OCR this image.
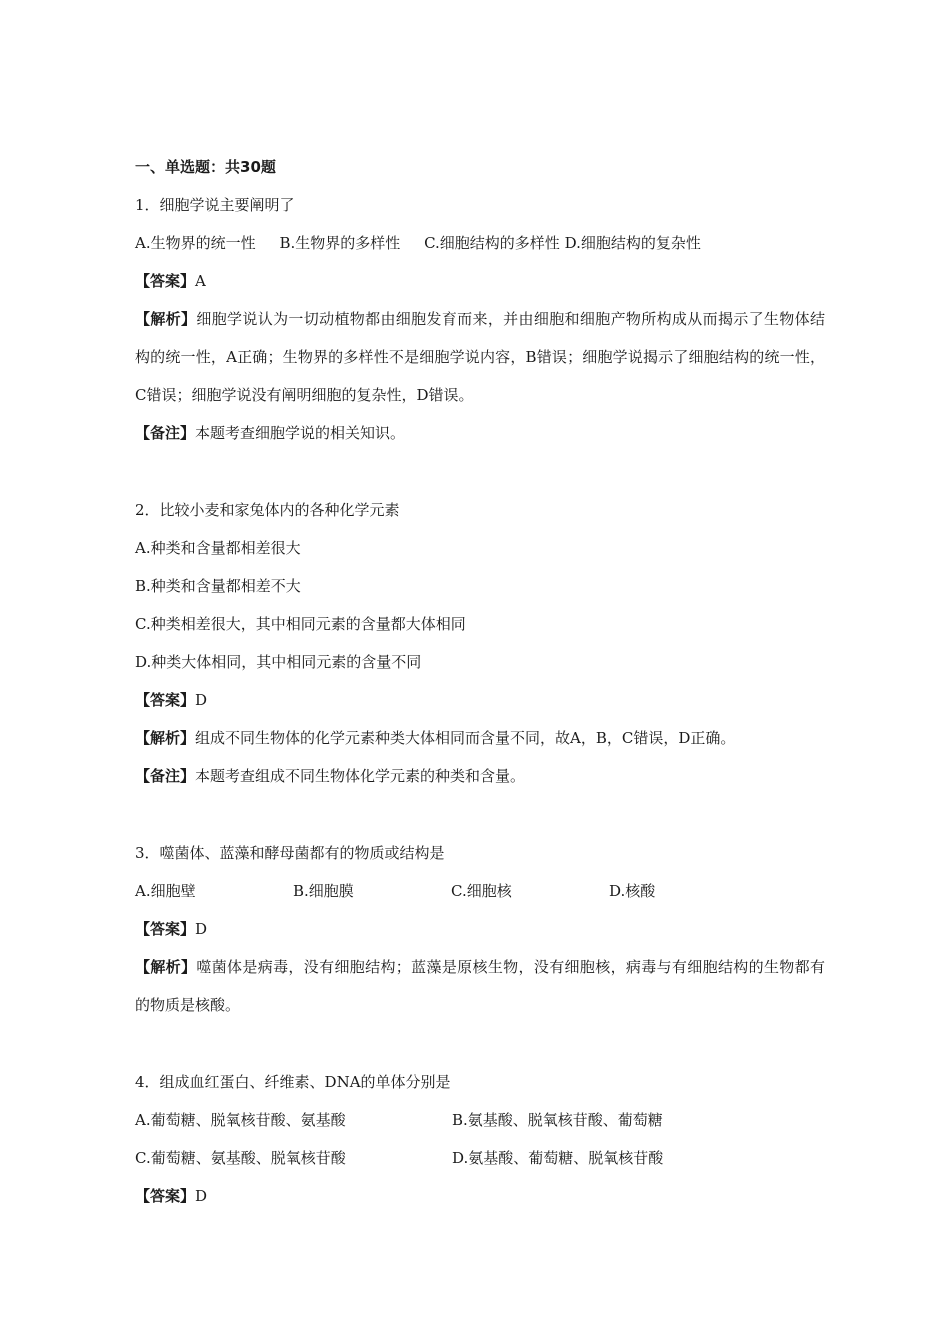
一、单选题：共30题
1．细胞学说主要阐明了
A.生物界的统一性 B.生物界的多样性 C.细胞结构的多样性 D.细胞结构的复杂性
【答案】A
【解析】细胞学说认为一切动植物都由细胞发育而来，并由细胞和细胞产物所构成从而揭示了生物体结构的统一性，A正确；生物界的多样性不是细胞学说内容，B错误；细胞学说揭示了细胞结构的统一性，C错误；细胞学说没有阐明细胞的复杂性，D错误。
【备注】本题考查细胞学说的相关知识。
2．比较小麦和家兔体内的各种化学元素
A.种类和含量都相差很大
B.种类和含量都相差不大
C.种类相差很大，其中相同元素的含量都大体相同
D.种类大体相同，其中相同元素的含量不同
【答案】D
【解析】组成不同生物体的化学元素种类大体相同而含量不同，故A，B，C错误，D正确。
【备注】本题考查组成不同生物体化学元素的种类和含量。
3．噬菌体、蓝藻和酵母菌都有的物质或结构是
A.细胞壁	B.细胞膜	C.细胞核	D.核酸
【答案】D
【解析】噬菌体是病毒，没有细胞结构；蓝藻是原核生物，没有细胞核，病毒与有细胞结构的生物都有的物质是核酸。
4．组成血红蛋白、纤维素、DNA的单体分别是
A.葡萄糖、脱氧核苷酸、氨基酸	B.氨基酸、脱氧核苷酸、葡萄糖
C.葡萄糖、氨基酸、脱氧核苷酸	D.氨基酸、葡萄糖、脱氧核苷酸
【答案】D
